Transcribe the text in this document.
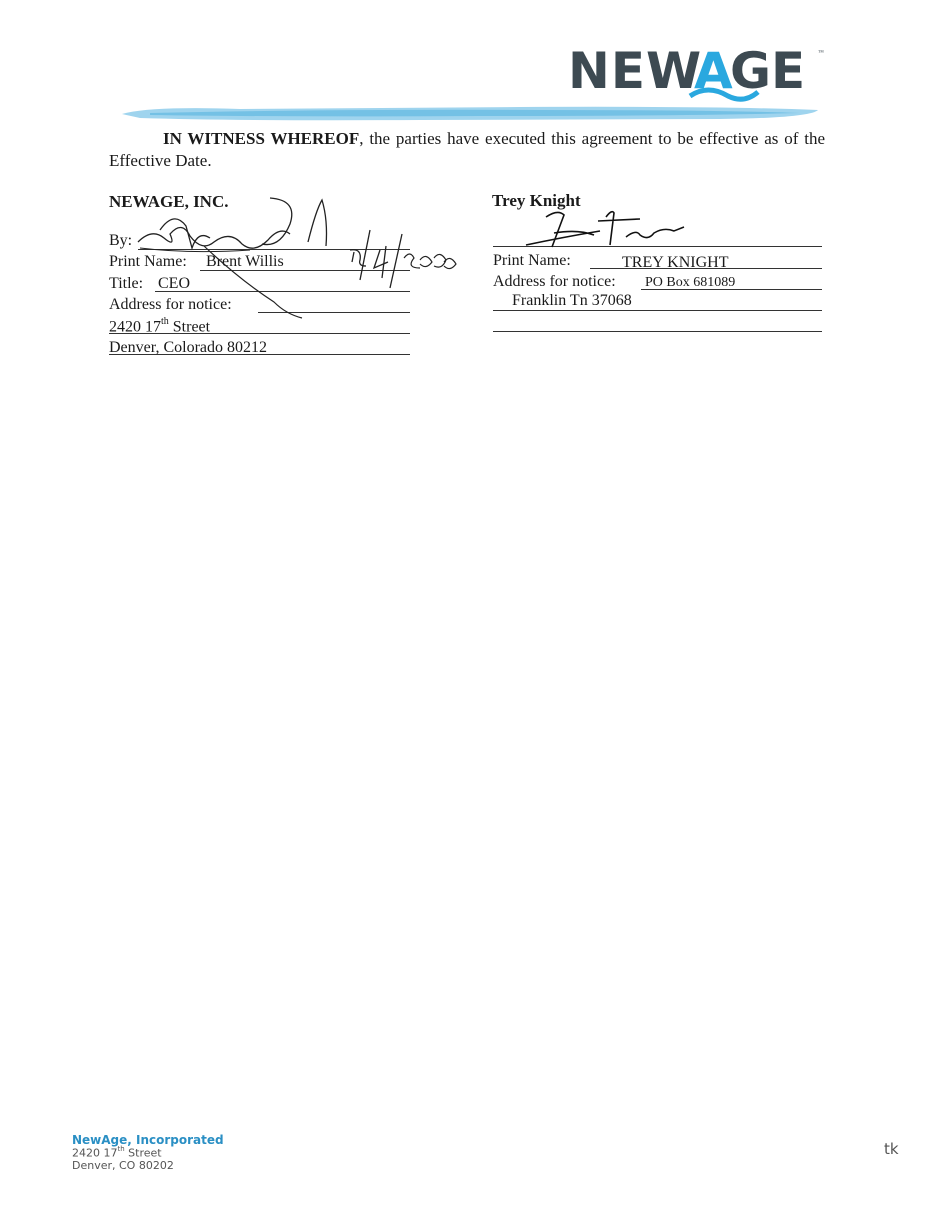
NEW
A
GE ™
IN WITNESS WHEREOF, the parties have executed this agreement to be effective as of the Effective Date.
NEWAGE, INC.
By:
Print Name: Brent Willis
Title: CEO
Address for notice:
2420 17th Street
Denver, Colorado 80212
Trey Knight
Print Name:	TREY KNIGHT
Address for notice: PO Box 681089
Franklin Tn 37068
NewAge, Incorporated
2420 17th Street
Denver, CO 80202
tk
